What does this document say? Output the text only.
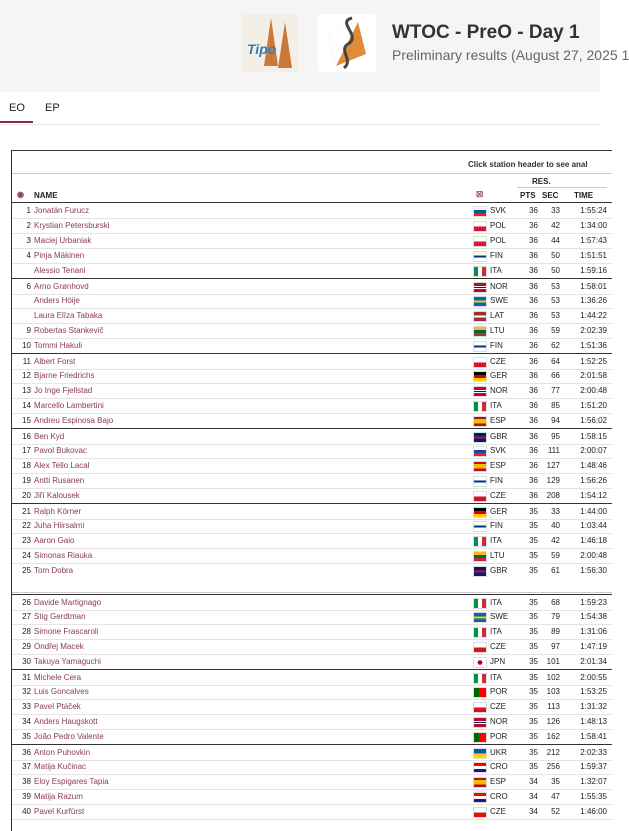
Tipo
WTOC - PreO - Day 1
Preliminary results (August 27, 2025 1
EO EP
Click station header to see anal
RES.
◉ NAME	☒	PTS SEC TIME
1 Jonatán Furucz	SVK	36	33	1:55:24
2 Krystian Petersburski	POL	36	42	1:34:00
3 Maciej Urbaniak	POL	36	44	1:57:43
4 Pinja Mäkinen	FIN	36	50	1:51:51
Alessio Tenani	ITA	36	50	1:59:16
6 Arno Grønhovd	NOR	36	53	1:58:01
Anders Höije	SWE	36	53	1:36:26
Laura Elīza Tabaka	LAT	36	53	1:44:22
9 Robertas Stankevič	LTU	36	59	2:02:39
10 Tommi Hakuli	FIN	36	62	1:51:36
11 Albert Forst	CZE	36	64	1:52:25
12 Bjarne Friedrichs	GER	36	66	2:01:58
13 Jo Inge Fjellstad	NOR	36	77	2:00:48
14 Marcello Lambertini	ITA	36	85	1:51:20
15 Andreu Espinosa Bajo	ESP	36	94	1:56:02
16 Ben Kyd	GBR	36	95	1:58:15
17 Pavol Bukovac	SVK	36	111	2:00:07
18 Alex Tello Lacal	ESP	36	127	1:48:46
19 Antti Rusanen	FIN	36	129	1:56:26
20 Jiří Kalousek	CZE	36	208	1:54:12
21 Ralph Körner	GER	35	33	1:44:00
22 Juha Hiirsalmi	FIN	35	40	1:03:44
23 Aaron Gaio	ITA	35	42	1:46:18
24 Simonas Riauka	LTU	35	59	2:00:48
25 Tom Dobra	GBR	35	61	1:56:30
26 Davide Martignago	ITA	35	68	1:59:23
27 Stig Gerdtman	SWE	35	79	1:54:38
28 Simone Frascaroli	ITA	35	89	1:31:06
29 Ondřej Macek	CZE	35	97	1:47:19
30 Takuya Yamaguchi	JPN	35	101	2:01:34
31 Michele Cera	ITA	35	102	2:00:55
32 Luis Goncalves	POR	35	103	1:53:25
33 Pavel Ptáček	CZE	35	113	1:31:32
34 Anders Haugskott	NOR	35	126	1:48:13
35 João Pedro Valente	POR	35	162	1:58:41
36 Anton Puhovkin	UKR	35	212	2:02:33
37 Matija Kučinac	CRO	35	256	1:59:37
38 Eloy Espigares Tapia	ESP	34	35	1:32:07
39 Matija Razum	CRO	34	47	1:55:35
40 Pavel Kurfürst	CZE	34	52	1:46:00
